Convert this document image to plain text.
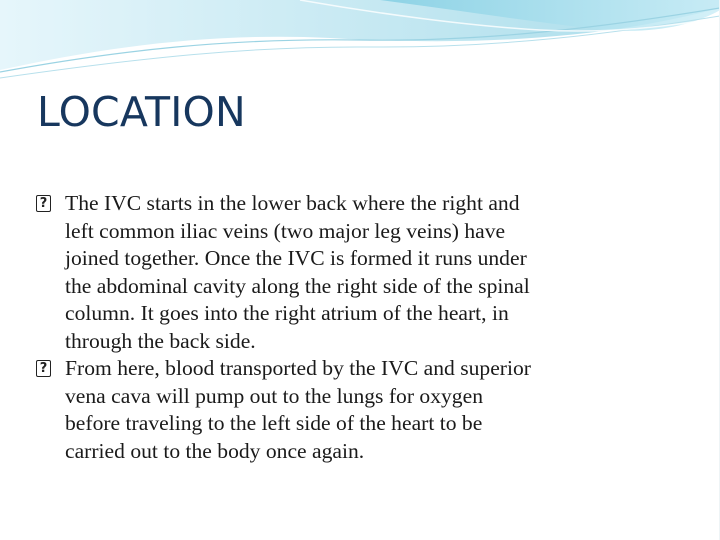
LOCATION

?
The IVC starts in the lower back where the right and
left common iliac veins (two major leg veins) have
joined together. Once the IVC is formed it runs under
the abdominal cavity along the right side of the spinal
column. It goes into the right atrium of the heart, in
through the back side.

?
From here, blood transported by the IVC and superior
vena cava will pump out to the lungs for oxygen
before traveling to the left side of the heart to be
carried out to the body once again.
